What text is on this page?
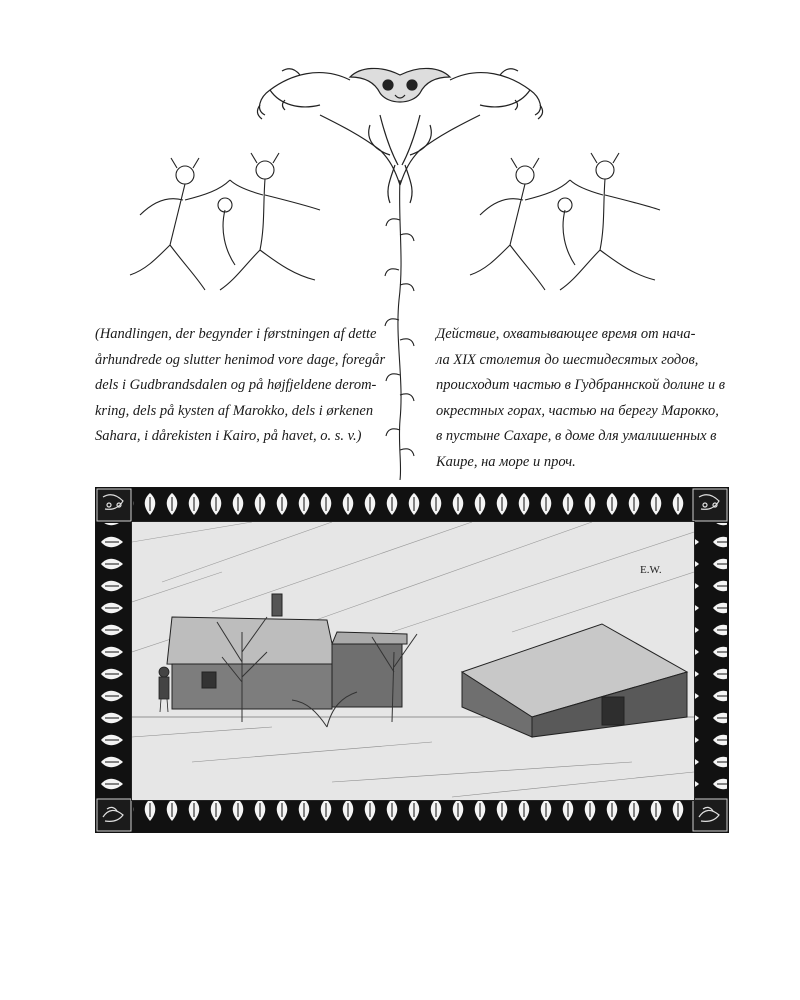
(Handlingen, der begynder i førstningen af dette
århundrede og slutter henimod vore dage, foregår
dels i Gudbrandsdalen og på højfjeldene derom-
kring, dels på kysten af Marokko, dels i ørkenen
Sahara, i dårekisten i Kairo, på havet, o. s. v.)

Действие, охватывающее время от нача-
ла XIX столетия до шестидесятых годов,
происходит частью в Гудбраннской долине и в
окрестных горах, частью на берегу Марокко,
в пустыне Сахаре, в доме для умалишенных в
Каире, на море и проч.

E.W.
